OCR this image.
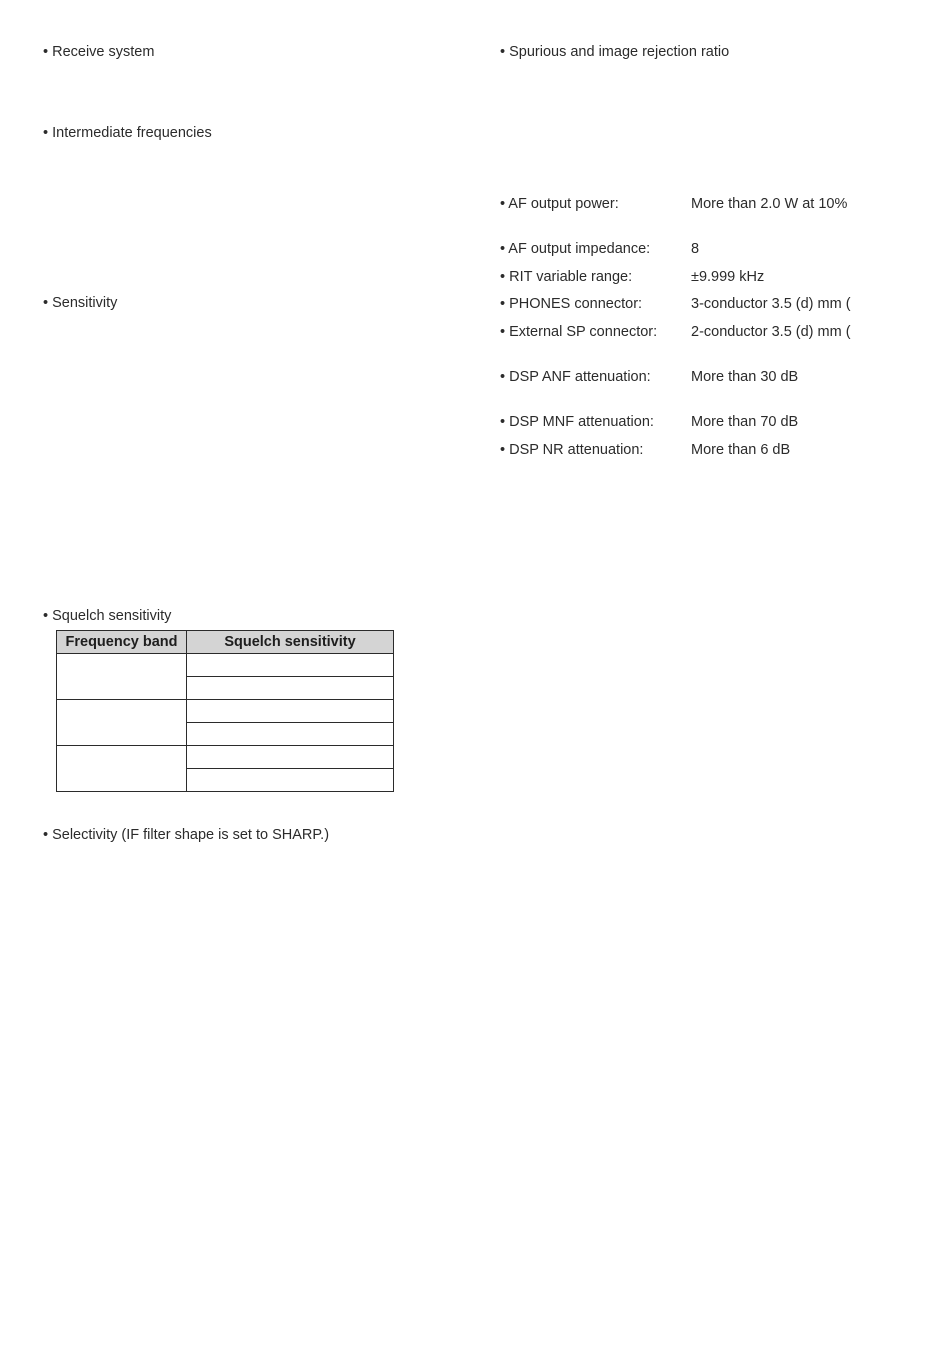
• Receive system
• Intermediate frequencies
• Sensitivity
• Squelch sensitivity
Frequency band	Squelch sensitivity

• Selectivity (IF filter shape is set to SHARP.)
• Spurious and image rejection ratio
• AF output power:	More than 2.0 W at 10%
• AF output impedance:	8
• RIT variable range:	±9.999 kHz
• PHONES connector:	3-conductor 3.5 (d) mm (
• External SP connector: 2-conductor 3.5 (d) mm (
• DSP ANF attenuation:	More than 30 dB
• DSP MNF attenuation:	More than 70 dB
• DSP NR attenuation:	More than 6 dB
